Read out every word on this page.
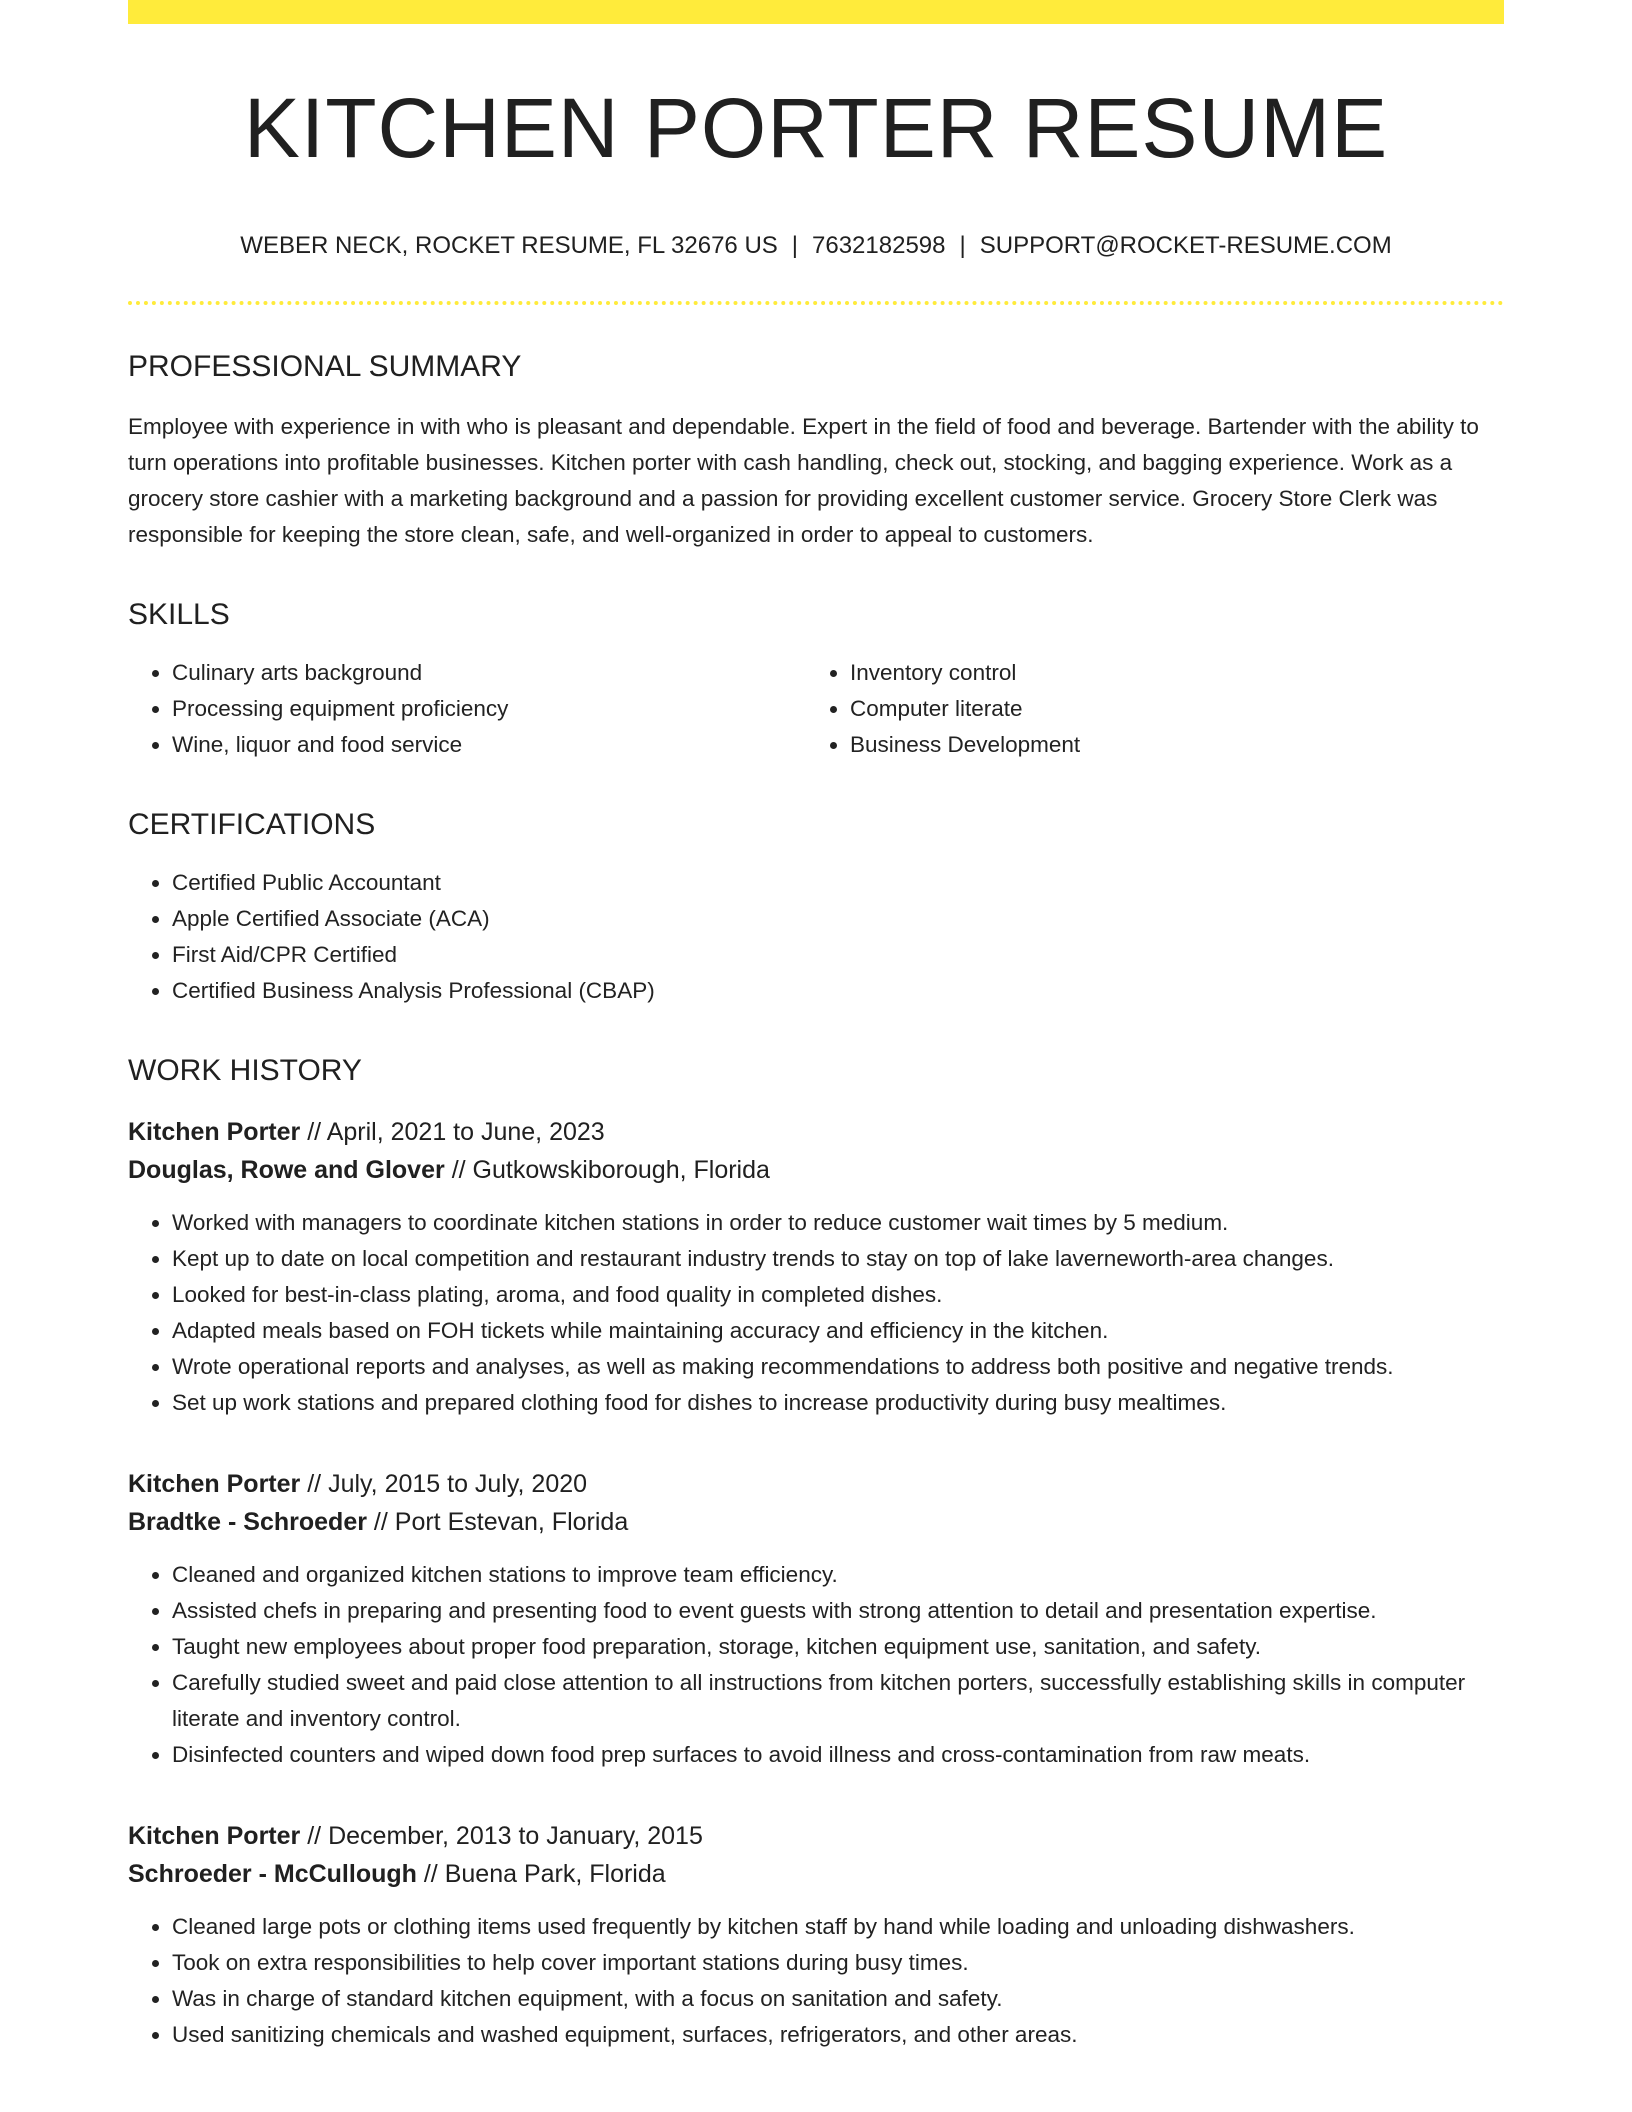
KITCHEN PORTER RESUME
WEBER NECK, ROCKET RESUME, FL 32676 US | 7632182598 | SUPPORT@ROCKET-RESUME.COM
PROFESSIONAL SUMMARY

Employee with experience in with who is pleasant and dependable. Expert in the field of food and beverage. Bartender with the ability to turn operations into profitable businesses. Kitchen porter with cash handling, check out, stocking, and bagging experience. Work as a grocery store cashier with a marketing background and a passion for providing excellent customer service. Grocery Store Clerk was responsible for keeping the store clean, safe, and well-organized in order to appeal to customers.

SKILLS
• Culinary arts background
• Processing equipment proficiency
• Wine, liquor and food service
• Inventory control
• Computer literate
• Business Development
CERTIFICATIONS
• Certified Public Accountant
• Apple Certified Associate (ACA)
• First Aid/CPR Certified
• Certified Business Analysis Professional (CBAP)
WORK HISTORY
Kitchen Porter // April, 2021 to June, 2023
Douglas, Rowe and Glover // Gutkowskiborough, Florida
• Worked with managers to coordinate kitchen stations in order to reduce customer wait times by 5 medium.
• Kept up to date on local competition and restaurant industry trends to stay on top of lake laverneworth-area changes.
• Looked for best-in-class plating, aroma, and food quality in completed dishes.
• Adapted meals based on FOH tickets while maintaining accuracy and efficiency in the kitchen.
• Wrote operational reports and analyses, as well as making recommendations to address both positive and negative trends.
• Set up work stations and prepared clothing food for dishes to increase productivity during busy mealtimes.
Kitchen Porter // July, 2015 to July, 2020
Bradtke - Schroeder // Port Estevan, Florida
• Cleaned and organized kitchen stations to improve team efficiency.
• Assisted chefs in preparing and presenting food to event guests with strong attention to detail and presentation expertise.
• Taught new employees about proper food preparation, storage, kitchen equipment use, sanitation, and safety.
• Carefully studied sweet and paid close attention to all instructions from kitchen porters, successfully establishing skills in computer literate and inventory control.
• Disinfected counters and wiped down food prep surfaces to avoid illness and cross-contamination from raw meats.
Kitchen Porter // December, 2013 to January, 2015
Schroeder - McCullough // Buena Park, Florida
• Cleaned large pots or clothing items used frequently by kitchen staff by hand while loading and unloading dishwashers.
• Took on extra responsibilities to help cover important stations during busy times.
• Was in charge of standard kitchen equipment, with a focus on sanitation and safety.
• Used sanitizing chemicals and washed equipment, surfaces, refrigerators, and other areas.
